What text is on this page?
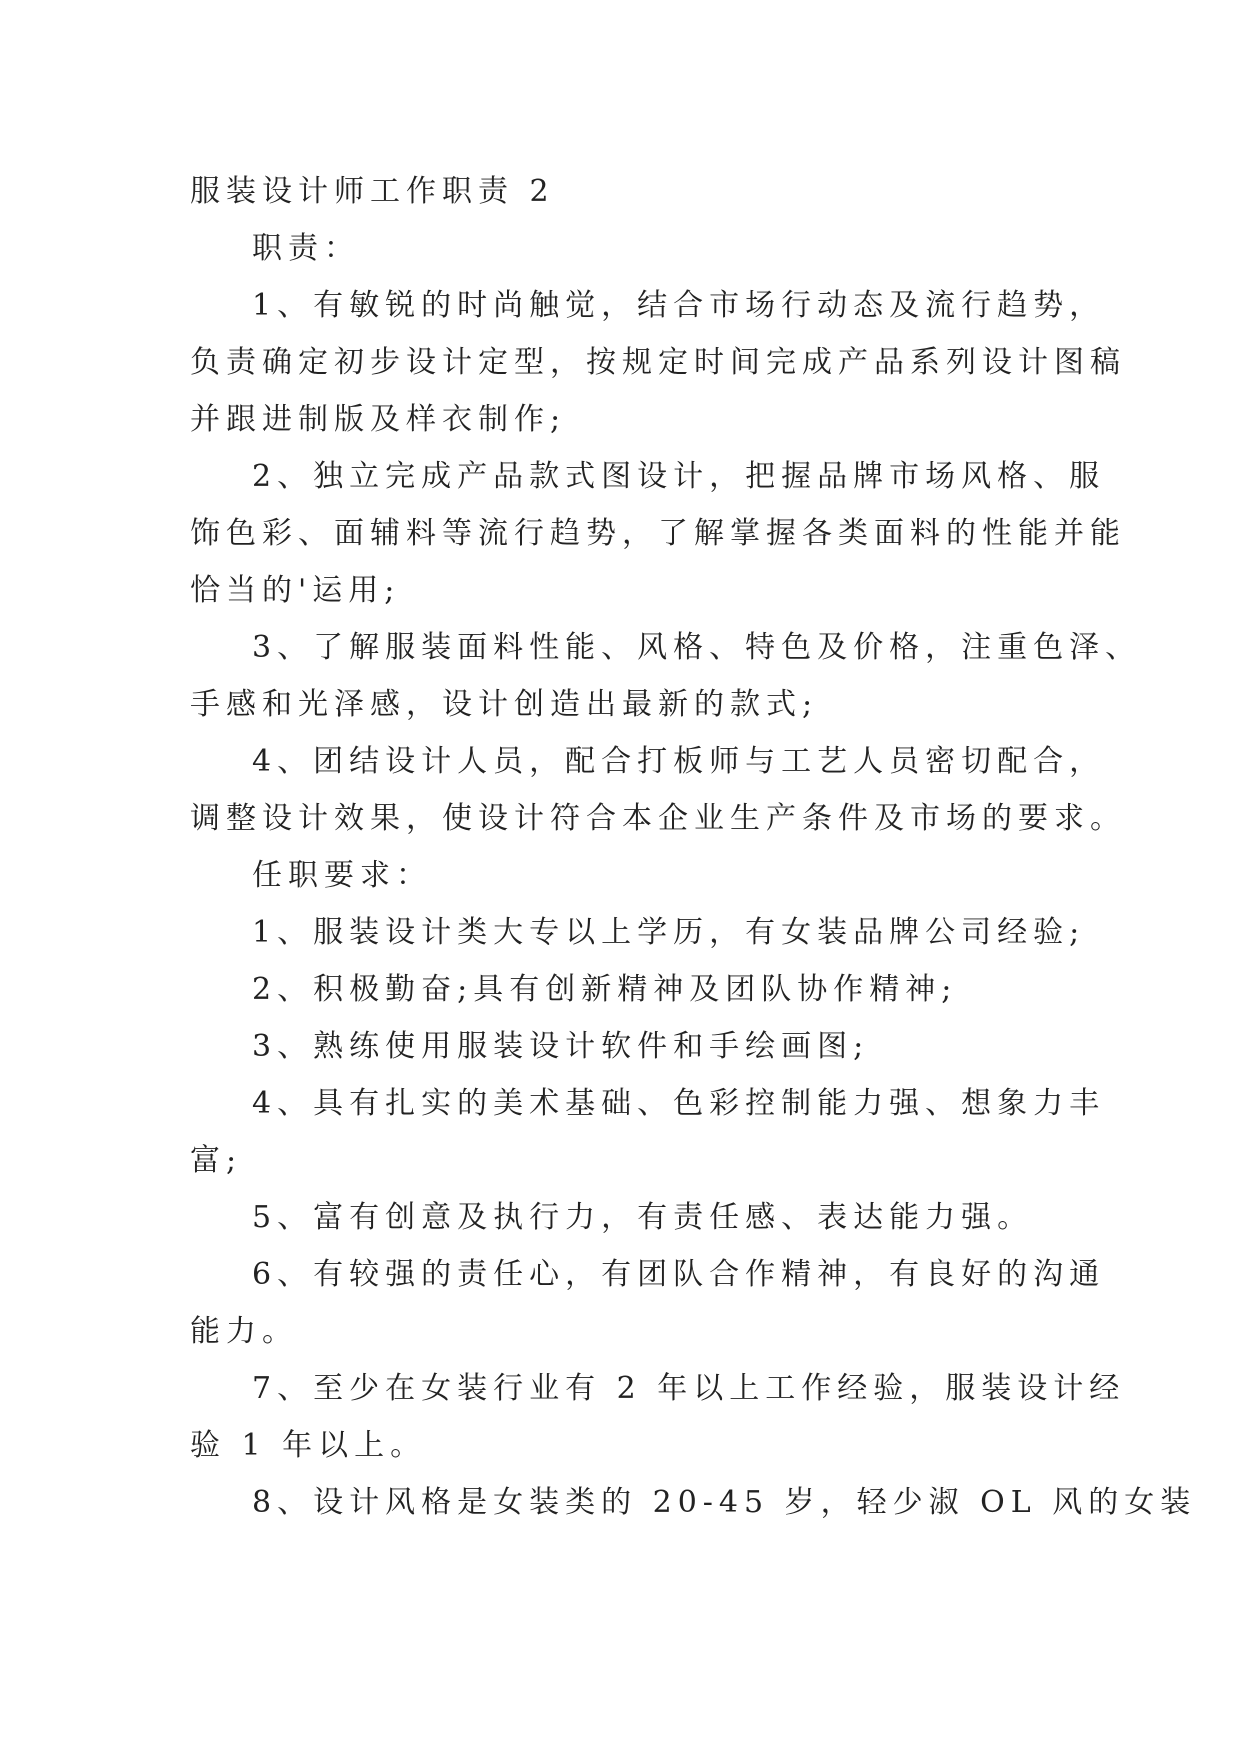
服装设计师工作职责 2
职责：
1、有敏锐的时尚触觉，结合市场行动态及流行趋势，
负责确定初步设计定型，按规定时间完成产品系列设计图稿
并跟进制版及样衣制作;
2、独立完成产品款式图设计，把握品牌市场风格、服
饰色彩、面辅料等流行趋势，了解掌握各类面料的性能并能
恰当的'运用;
3、了解服装面料性能、风格、特色及价格，注重色泽、
手感和光泽感，设计创造出最新的款式;
4、团结设计人员，配合打板师与工艺人员密切配合，
调整设计效果，使设计符合本企业生产条件及市场的要求。
任职要求：
1、服装设计类大专以上学历，有女装品牌公司经验;
2、积极勤奋;具有创新精神及团队协作精神;
3、熟练使用服装设计软件和手绘画图;
4、具有扎实的美术基础、色彩控制能力强、想象力丰
富;
5、富有创意及执行力，有责任感、表达能力强。
6、有较强的责任心，有团队合作精神，有良好的沟通
能力。
7、至少在女装行业有 2 年以上工作经验，服装设计经
验 1 年以上。
8、设计风格是女装类的 20-45 岁，轻少淑 OL 风的女装
